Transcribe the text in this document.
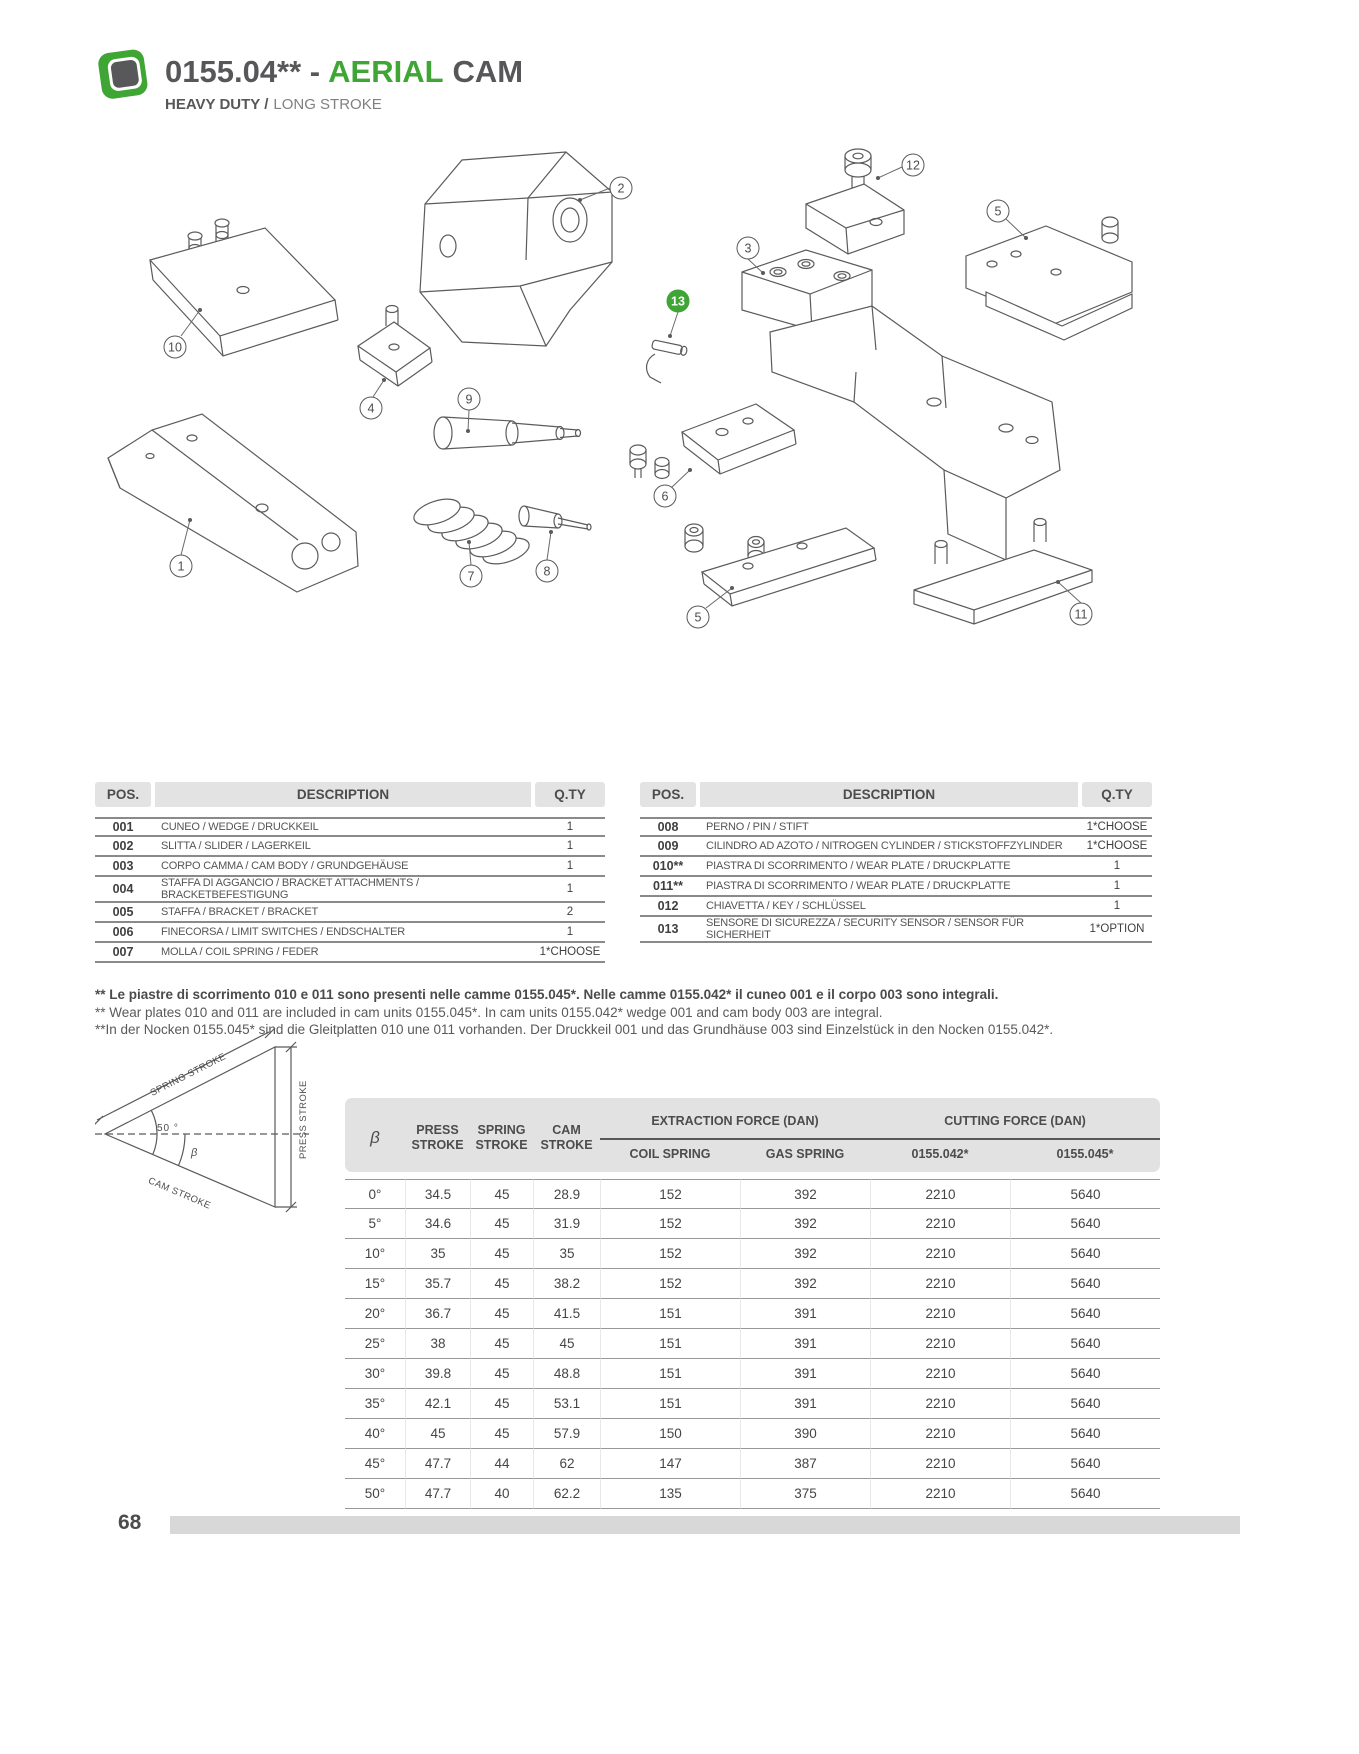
0155.04** - AERIAL CAM
HEAVY DUTY / LONG STROKE
2
12
5
3
13
10
4
9
6
1
7	8
5	11
POS.	DESCRIPTION	Q.TY

001	CUNEO / WEDGE / DRUCKKEIL	1
002	SLITTA / SLIDER / LAGERKEIL	1
003	CORPO CAMMA / CAM BODY / GRUNDGEHÄUSE	1
004	STAFFA DI AGGANCIO / BRACKET ATTACHMENTS / BRACKETBEFESTIGUNG	1
005	STAFFA / BRACKET / BRACKET	2
006	FINECORSA / LIMIT SWITCHES / ENDSCHALTER	1
007	MOLLA / COIL SPRING / FEDER	1*CHOOSE
POS.	DESCRIPTION	Q.TY

008	PERNO / PIN / STIFT	1*CHOOSE
009	CILINDRO AD AZOTO / NITROGEN CYLINDER / STICKSTOFFZYLINDER	1*CHOOSE
010**	PIASTRA DI SCORRIMENTO / WEAR PLATE / DRUCKPLATTE	1
011**	PIASTRA DI SCORRIMENTO / WEAR PLATE / DRUCKPLATTE	1
012	CHIAVETTA / KEY / SCHLÜSSEL	1
013	SENSORE DI SICUREZZA / SECURITY SENSOR / SENSOR FÜR SICHERHEIT	1*OPTION
** Le piastre di scorrimento 010 e 011 sono presenti nelle camme 0155.045*. Nelle camme 0155.042* il cuneo 001 e il corpo 003 sono integrali.
** Wear plates 010 and 011 are included in cam units 0155.045*. In cam units 0155.042* wedge 001 and cam body 003 are integral.
**In der Nocken 0155.045* sind die Gleitplatten 010 une 011 vorhanden. Der Druckkeil 001 und das Grundhäuse 003 sind Einzelstück in den Nocken 0155.042*.
SPRING STROKE
PRESS STROKE
CAM STROKE
50 °
β
β	PRESS STROKE	SPRING STROKE	CAM STROKE	EXTRACTION FORCE (DAN)		CUTTING FORCE (DAN)	
				COIL SPRING	GAS SPRING	0155.042*	0155.045*

0°	34.5	45	28.9	152	392	2210	5640
5°	34.6	45	31.9	152	392	2210	5640
10°	35	45	35	152	392	2210	5640
15°	35.7	45	38.2	152	392	2210	5640
20°	36.7	45	41.5	151	391	2210	5640
25°	38	45	45	151	391	2210	5640
30°	39.8	45	48.8	151	391	2210	5640
35°	42.1	45	53.1	151	391	2210	5640
40°	45	45	57.9	150	390	2210	5640
45°	47.7	44	62	147	387	2210	5640
50°	47.7	40	62.2	135	375	2210	5640
68
